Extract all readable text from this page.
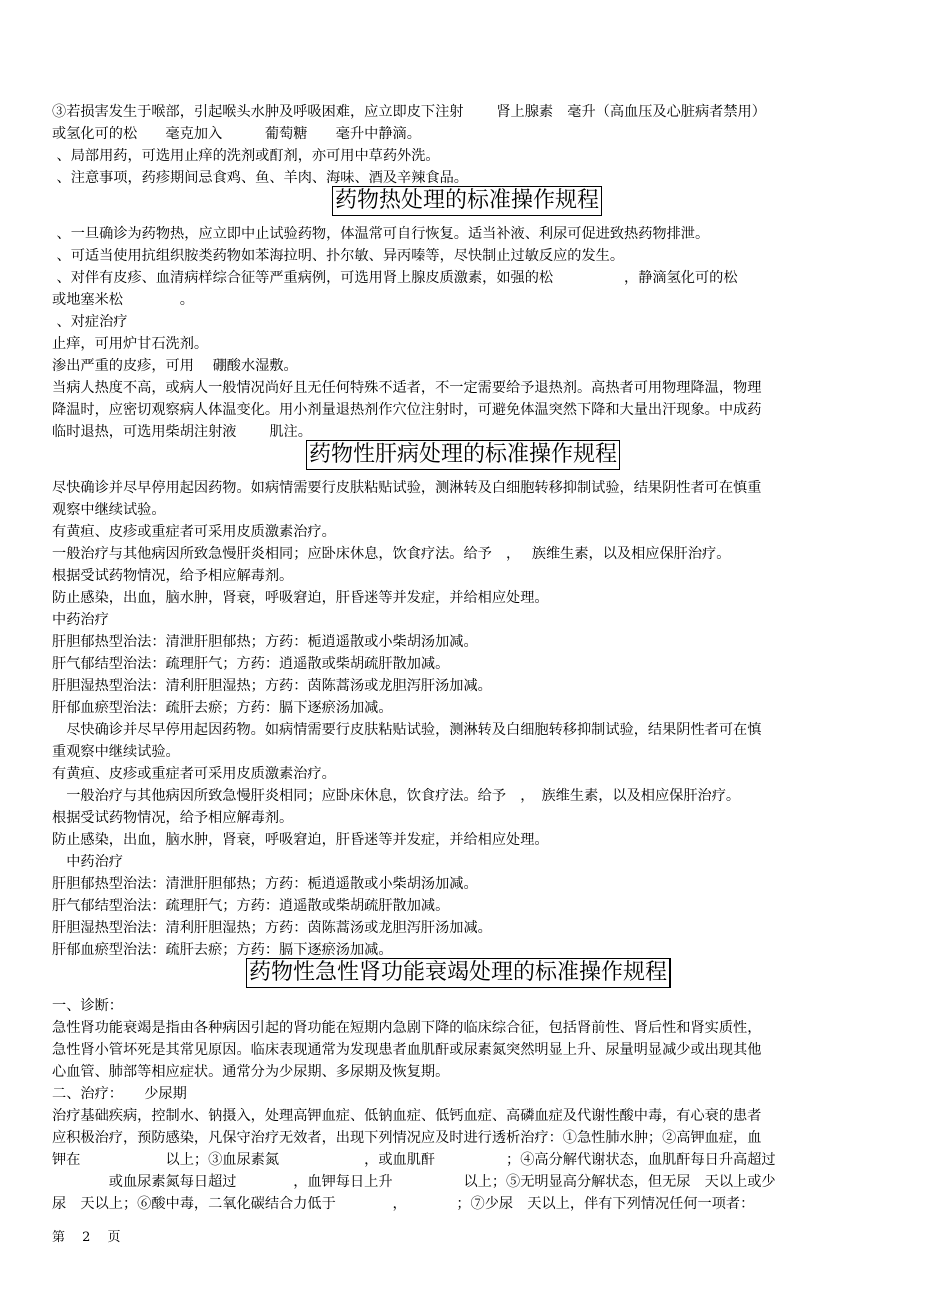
③若损害发生于喉部，引起喉头水肿及呼吸困难，应立即皮下注射　　 肾上腺素　毫升（高血压及心脏病者禁用）
或氢化可的松　　毫克加入　　　葡萄糖　　毫升中静滴。
、局部用药，可选用止痒的洗剂或酊剂，亦可用中草药外洗。
、注意事项，药疹期间忌食鸡、鱼、羊肉、海味、酒及辛辣食品。
药物热处理的标准操作规程
、一旦确诊为药物热，应立即中止试验药物，体温常可自行恢复。适当补液、利尿可促进致热药物排泄。
、可适当使用抗组织胺类药物如苯海拉明、扑尔敏、异丙嗪等，尽快制止过敏反应的发生。
、对伴有皮疹、血清病样综合征等严重病例，可选用肾上腺皮质激素，如强的松　　　　　，静滴氢化可的松
或地塞米松　　　　。
、对症治疗
止痒，可用炉甘石洗剂。
渗出严重的皮疹，可用　 硼酸水湿敷。
当病人热度不高，或病人一般情况尚好且无任何特殊不适者，不一定需要给予退热剂。高热者可用物理降温，物理
降温时，应密切观察病人体温变化。用小剂量退热剂作穴位注射时，可避免体温突然下降和大量出汗现象。中成药
临时退热，可选用柴胡注射液　　 肌注。
药物性肝病处理的标准操作规程
尽快确诊并尽早停用起因药物。如病情需要行皮肤粘贴试验，测淋转及白细胞转移抑制试验，结果阴性者可在慎重
观察中继续试验。
有黄疸、皮疹或重症者可采用皮质激素治疗。
一般治疗与其他病因所致急慢肝炎相同；应卧床休息，饮食疗法。给予　，　 族维生素，以及相应保肝治疗。
根据受试药物情况，给予相应解毒剂。
防止感染，出血，脑水肿，肾衰，呼吸窘迫，肝昏迷等并发症，并给相应处理。
中药治疗
肝胆郁热型治法：清泄肝胆郁热；方药：栀逍遥散或小柴胡汤加减。
肝气郁结型治法：疏理肝气；方药：逍遥散或柴胡疏肝散加减。
肝胆湿热型治法：清利肝胆湿热；方药：茵陈蒿汤或龙胆泻肝汤加减。
肝郁血瘀型治法：疏肝去瘀；方药：膈下逐瘀汤加减。
　尽快确诊并尽早停用起因药物。如病情需要行皮肤粘贴试验，测淋转及白细胞转移抑制试验，结果阴性者可在慎
重观察中继续试验。
有黄疸、皮疹或重症者可采用皮质激素治疗。
　一般治疗与其他病因所致急慢肝炎相同；应卧床休息，饮食疗法。给予　，　族维生素，以及相应保肝治疗。
根据受试药物情况，给予相应解毒剂。
防止感染，出血，脑水肿，肾衰，呼吸窘迫，肝昏迷等并发症，并给相应处理。
　中药治疗
肝胆郁热型治法：清泄肝胆郁热；方药：栀逍遥散或小柴胡汤加减。
肝气郁结型治法：疏理肝气；方药：逍遥散或柴胡疏肝散加减。
肝胆湿热型治法：清利肝胆湿热；方药：茵陈蒿汤或龙胆泻肝汤加减。
肝郁血瘀型治法：疏肝去瘀；方药：膈下逐瘀汤加减。
药物性急性肾功能衰竭处理的标准操作规程
一、诊断：
急性肾功能衰竭是指由各种病因引起的肾功能在短期内急剧下降的临床综合征，包括肾前性、肾后性和肾实质性，
急性肾小管坏死是其常见原因。临床表现通常为发现患者血肌酐或尿素氮突然明显上升、尿量明显减少或出现其他
心血管、肺部等相应症状。通常分为少尿期、多尿期及恢复期。
二、治疗：　　少尿期
治疗基础疾病，控制水、钠摄入，处理高钾血症、低钠血症、低钙血症、高磷血症及代谢性酸中毒，有心衰的患者
应积极治疗，预防感染，凡保守治疗无效者，出现下列情况应及时进行透析治疗：①急性肺水肿；②高钾血症，血
钾在　　　　　　以上；③血尿素氮　　　　　　，或血肌酐　　　　　；④高分解代谢状态，血肌酐每日升高超过
　　　　或血尿素氮每日超过　　　　，血钾每日上升　　　　　以上；⑤无明显高分解状态，但无尿　天以上或少
尿　天以上；⑥酸中毒，二氧化碳结合力低于　　　　，　　　　；⑦少尿　天以上，伴有下列情况任何一项者：
第　 2　 页
